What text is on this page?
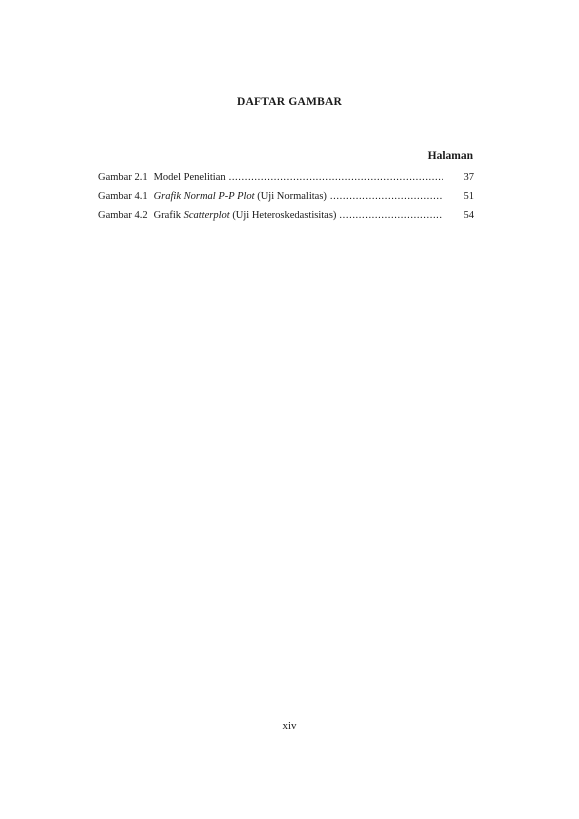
DAFTAR GAMBAR
Halaman
Gambar 2.1 Model Penelitian .....	37
Gambar 4.1 Grafik Normal P-P Plot (Uji Normalitas) .....	51
Gambar 4.2 Grafik Scatterplot (Uji Heteroskedastisitas) .....	54
xiv
